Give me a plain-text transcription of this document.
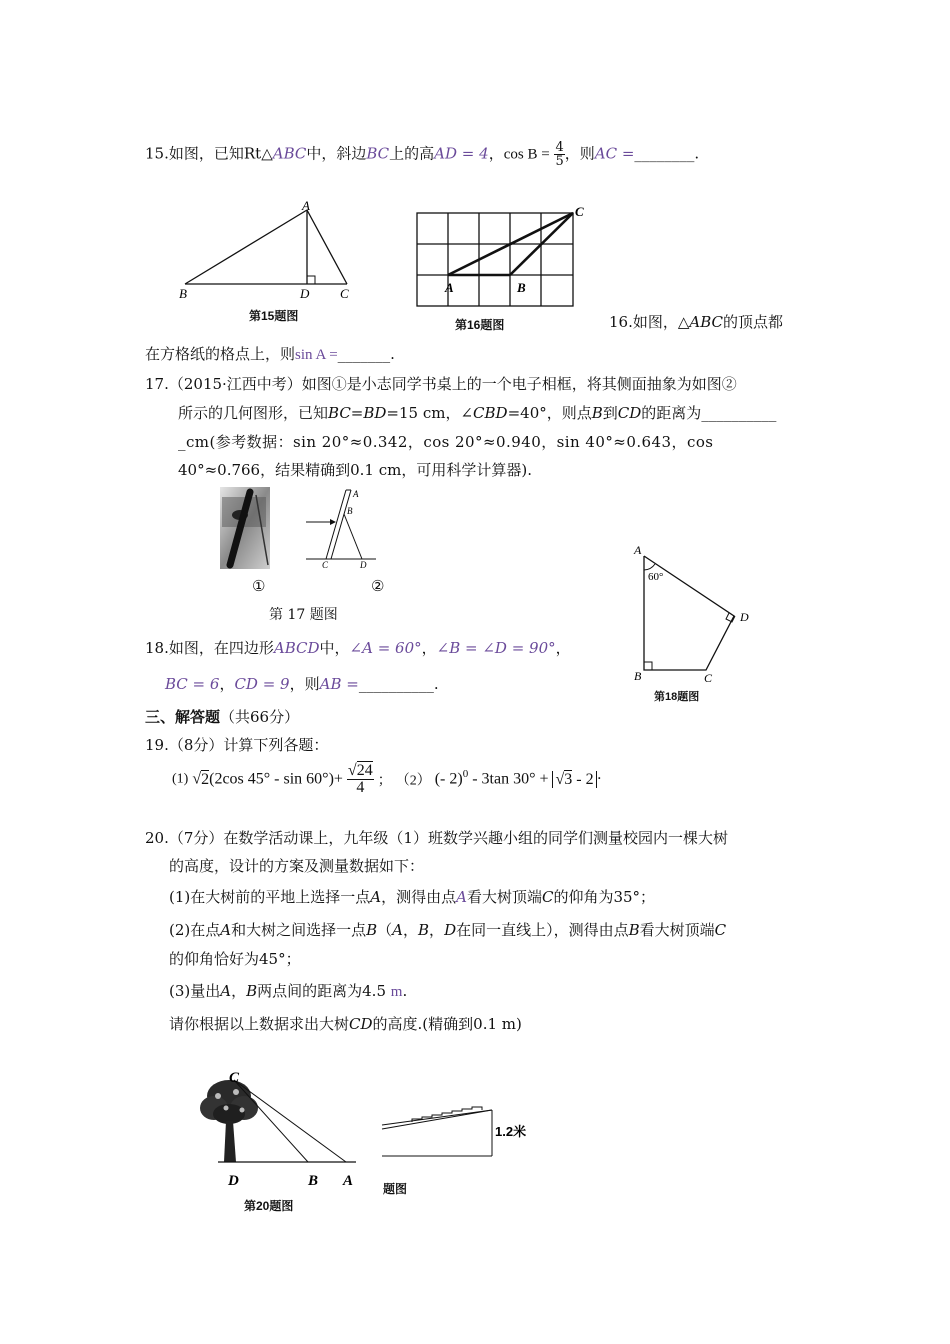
15.如图，已知Rt△ABC中，斜边BC上的高AD = 4，$\cos B = \frac{4}{5}$ ，则AC =________.
A
B	D C
第15题图
A	B
C
第16题图	16.如图，△ABC的顶点都
在方格纸的格点上，则sin A =_______.
17.（2015·江西中考）如图①是小志同学书桌上的一个电子相框，将其侧面抽象为如图②
所示的几何图形，已知BC=BD=15 cm，∠CBD=40°，则点B到CD的距离为__________
_cm(参考数据：sin 20°≈0.342，cos 20°≈0.940，sin 40°≈0.643，cos
40°≈0.766，结果精确到0.1 cm，可用科学计算器).
①
A
B
C	D
②
第 17 题图
A
60°
D
B	C
第18题图
18.如图，在四边形ABCD中，∠A = 60°，∠B = ∠D = 90°，
BC = 6，CD = 9，则AB =__________.
三、解答题（共66分）
19.（8分）计算下列各题：
(1) √2(2cos $45^\circ - \sin 60^\circ)+ \frac{√24}{4}$ ； （2） (- 2)$^0$ - 3tan 30° + √3 - 2 ·
20.（7分）在数学活动课上，九年级（1）班数学兴趣小组的同学们测量校园内一棵大树
的高度，设计的方案及测量数据如下：
(1)在大树前的平地上选择一点A，测得由点A看大树顶端C的仰角为35°；
(2)在点A和大树之间选择一点B（A，B，D在同一直线上），测得由点B看大树顶端C
的仰角恰好为45°；
(3)量出A，B两点间的距离为4.5 m.
请你根据以上数据求出大树CD的高度.(精确到0.1 m)
C
D	B A
第20题图
1.2米
题图
